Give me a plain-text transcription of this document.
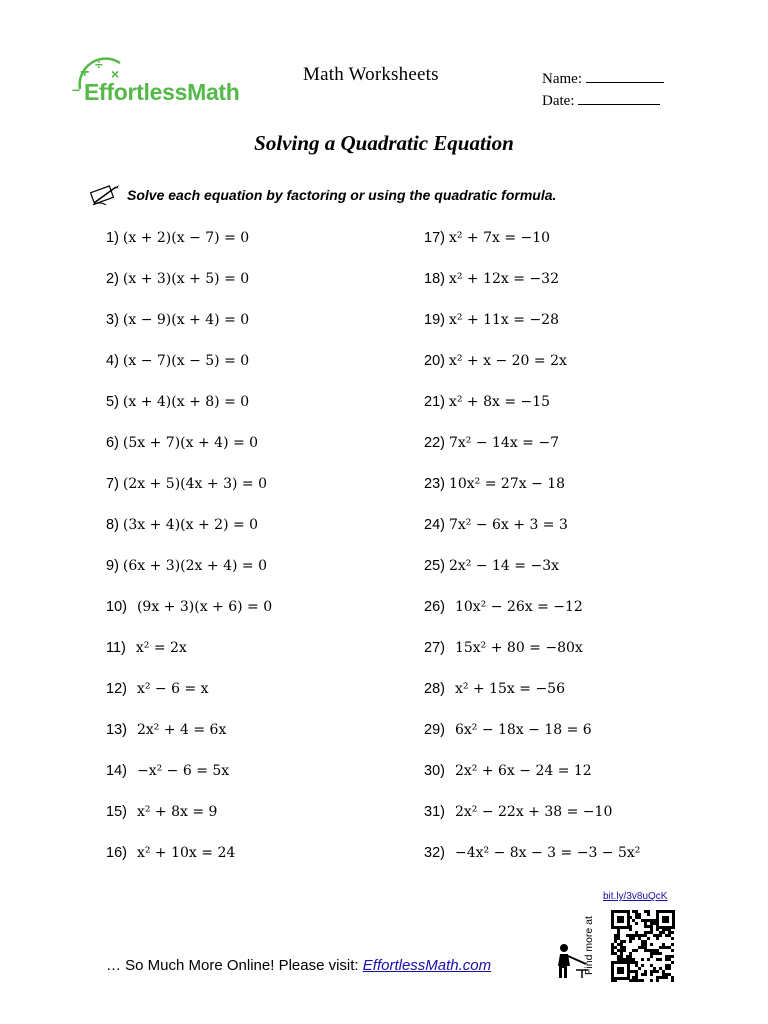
+ ÷
×
− EffortlessMath

Math Worksheets	Name:
Date:
Solving a Quadratic Equation
Solve each equation by factoring or using the quadratic formula.
1) (x + 2)(x − 7) = 0
2) (x + 3)(x + 5) = 0
3) (x − 9)(x + 4) = 0
4) (x − 7)(x − 5) = 0
5) (x + 4)(x + 8) = 0
6) (5x + 7)(x + 4) = 0
7) (2x + 5)(4x + 3) = 0
8) (3x + 4)(x + 2) = 0
9) (6x + 3)(2x + 4) = 0
10) (9x + 3)(x + 6) = 0
11) x² = 2x
12) x² − 6 = x
13) 2x² + 4 = 6x
14) −x² − 6 = 5x
15) x² + 8x = 9
16) x² + 10x = 24
17) x² + 7x = −10
18) x² + 12x = −32
19) x² + 11x = −28
20) x² + x − 20 = 2x
21) x² + 8x = −15
22) 7x² − 14x = −7
23) 10x² = 27x − 18
24) 7x² − 6x + 3 = 3
25) 2x² − 14 = −3x
26) 10x² − 26x = −12
27) 15x² + 80 = −80x
28) x² + 15x = −56
29) 6x² − 18x − 18 = 6
30) 2x² + 6x − 24 = 12
31) 2x² − 22x + 38 = −10
32) −4x² − 8x − 3 = −3 − 5x²
bit.ly/3v8uQcK
Find more at
… So Much More Online! Please visit: EffortlessMath.com
